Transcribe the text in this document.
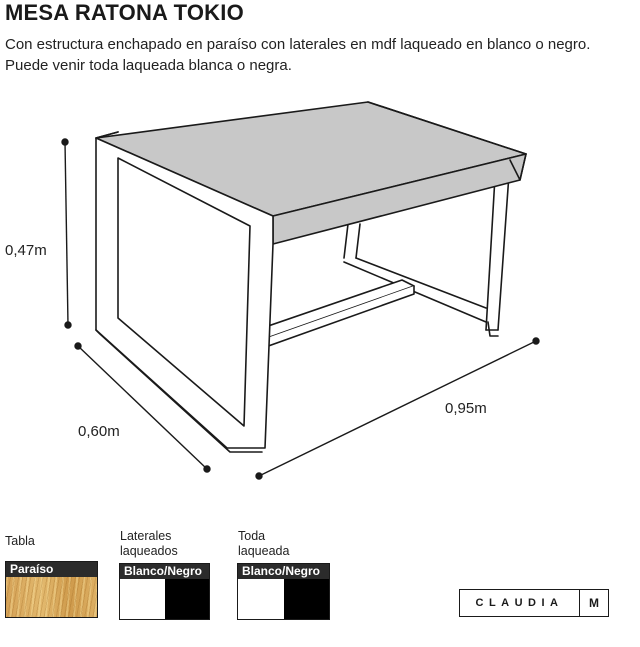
MESA RATONA TOKIO
Con estructura enchapado en paraíso con laterales en mdf laqueado en blanco o negro. Puede venir toda laqueada blanca o negra.
0,47m
0,60m
0,95m
Tabla
Paraíso
Laterales
laqueados
Blanco/Negro
Toda
laqueada
Blanco/Negro
CLAUDIA	M
